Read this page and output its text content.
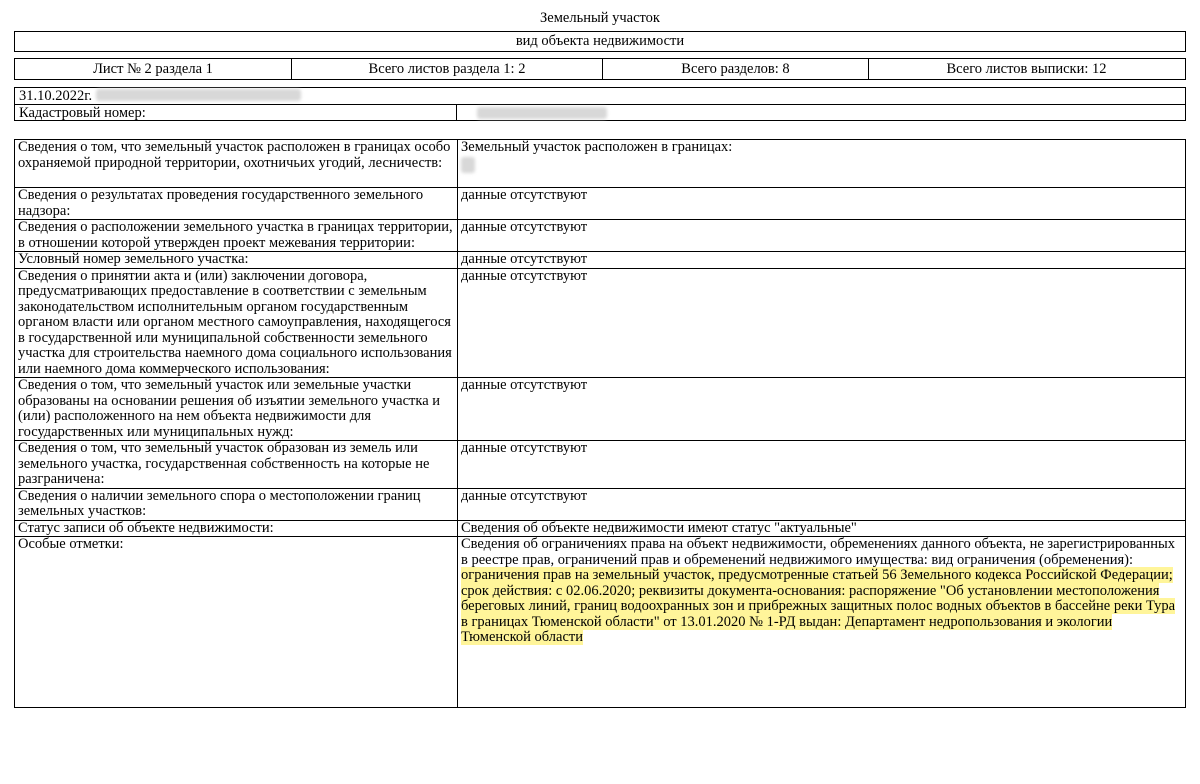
Земельный участок
вид объекта недвижимости
Лист № 2 раздела 1	Всего листов раздела 1: 2	Всего разделов: 8	Всего листов выписки: 12
31.10.2022г.
Кадастровый номер:
Сведения о том, что земельный участок расположен в границах особо охраняемой природной территории, охотничьих угодий, лесничеств:	Земельный участок расположен в границах:

Сведения о результатах проведения государственного земельного надзора:	данные отсутствуют
Сведения о расположении земельного участка в границах территории, в отношении которой утвержден проект межевания территории:	данные отсутствуют
Условный номер земельного участка:	данные отсутствуют
Сведения о принятии акта и (или) заключении договора, предусматривающих предоставление в соответствии с земельным законодательством исполнительным органом государственным органом власти или органом местного самоуправления, находящегося в государственной или муниципальной собственности земельного участка для строительства наемного дома социального использования или наемного дома коммерческого использования:	данные отсутствуют
Сведения о том, что земельный участок или земельные участки образованы на основании решения об изъятии земельного участка и (или) расположенного на нем объекта недвижимости для государственных или муниципальных нужд:	данные отсутствуют
Сведения о том, что земельный участок образован из земель или земельного участка, государственная собственность на которые не разграничена:	данные отсутствуют
Сведения о наличии земельного спора о местоположении границ земельных участков:	данные отсутствуют
Статус записи об объекте недвижимости:	Сведения об объекте недвижимости имеют статус "актуальные"
Особые отметки:	Сведения об ограничениях права на объект недвижимости, обременениях данного объекта, не зарегистрированных в реестре прав, ограничений прав и обременений недвижимого имущества: вид ограничения (обременения): ограничения прав на земельный участок, предусмотренные статьей 56 Земельного кодекса Российской Федерации; срок действия: с 02.06.2020; реквизиты документа-основания: распоряжение "Об установлении местоположения береговых линий, границ водоохранных зон и прибрежных защитных полос водных объектов в бассейне реки Тура в границах Тюменской области" от 13.01.2020 № 1-РД выдан: Департамент недропользования и экологии Тюменской области
